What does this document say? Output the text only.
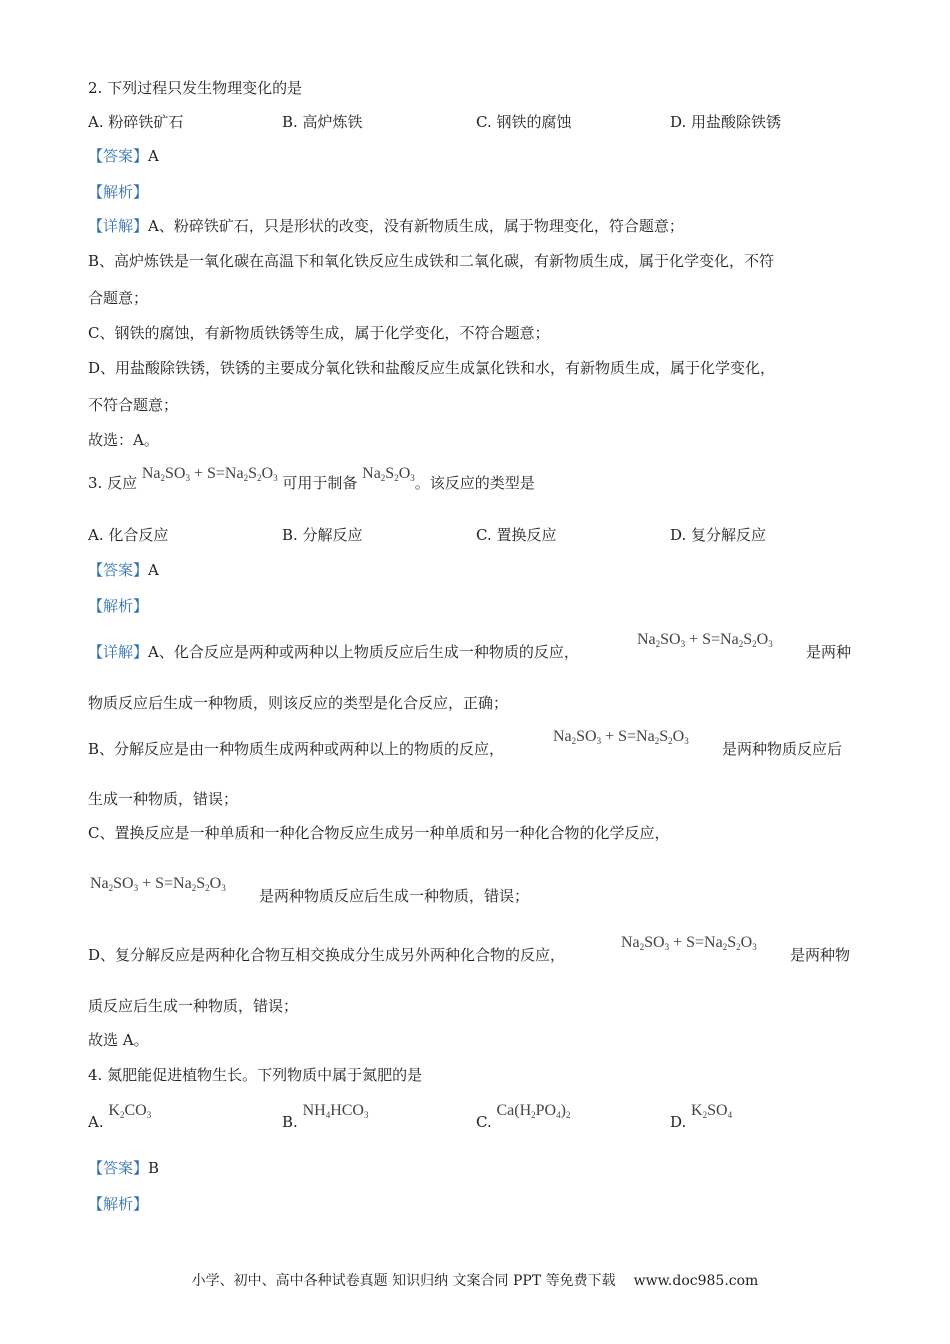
2. 下列过程只发生物理变化的是
A. 粉碎铁矿石	B. 高炉炼铁	C. 钢铁的腐蚀	D. 用盐酸除铁锈
【答案】A
【解析】
【详解】A、粉碎铁矿石，只是形状的改变，没有新物质生成，属于物理变化，符合题意；
B、高炉炼铁是一氧化碳在高温下和氧化铁反应生成铁和二氧化碳，有新物质生成，属于化学变化，不符
合题意；
C、钢铁的腐蚀，有新物质铁锈等生成，属于化学变化，不符合题意；
D、用盐酸除铁锈，铁锈的主要成分氧化铁和盐酸反应生成氯化铁和水，有新物质生成，属于化学变化，
不符合题意；
故选：A。
3. 反应 $Na_2SO_3 + S=Na_2S_2O_3$ 可用于制备 $Na_2S_2O_3$。该反应的类型是
A. 化合反应	B. 分解反应	C. 置换反应	D. 复分解反应
【答案】A
【解析】
【详解】A、化合反应是两种或两种以上物质反应后生成一种物质的反应，
$Na_2SO_3 + S=Na_2S_2O_3$ 是两种
物质反应后生成一种物质，则该反应的类型是化合反应，正确；
B、分解反应是由一种物质生成两种或两种以上的物质的反应，
$Na_2SO_3 + S=Na_2S_2O_3$ 是两种物质反应后
生成一种物质，错误；
C、置换反应是一种单质和一种化合物反应生成另一种单质和另一种化合物的化学反应，
$Na_2SO_3 + S=Na_2S_2O_3$ 是两种物质反应后生成一种物质，错误；
D、复分解反应是两种化合物互相交换成分生成另外两种化合物的反应，
$Na_2SO_3 + S=Na_2S_2O_3$ 是两种物
质反应后生成一种物质，错误；
故选 A。
4. 氮肥能促进植物生长。下列物质中属于氮肥的是
A. $K_2CO_3$	B. $NH_4HCO_3$	C. $Ca(H_2PO_4)_2$	D. $K_2SO_4$
【答案】B
【解析】
小学、初中、高中各种试卷真题 知识归纳 文案合同 PPT 等免费下载 www.doc985.com
